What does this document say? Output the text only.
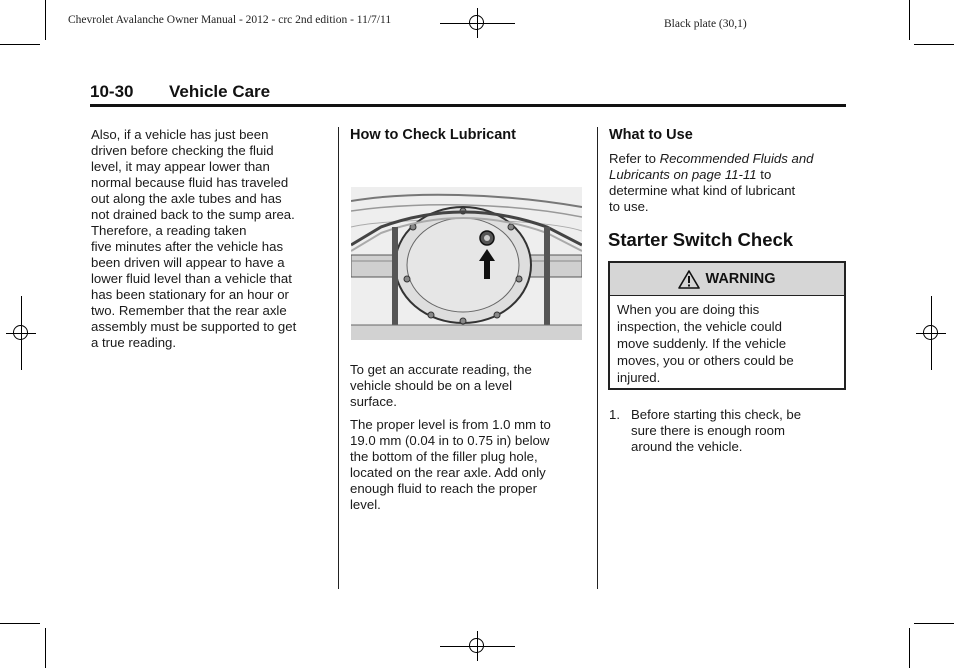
Chevrolet Avalanche Owner Manual - 2012 - crc 2nd edition - 11/7/11	Black plate (30,1)
10-30 Vehicle Care

Also, if a vehicle has just been

driven before checking the fluid

level, it may appear lower than

normal because fluid has traveled

out along the axle tubes and has

not drained back to the sump area.

Therefore, a reading taken

five minutes after the vehicle has

been driven will appear to have a

lower fluid level than a vehicle that

has been stationary for an hour or

two. Remember that the rear axle

assembly must be supported to get

a true reading.

How to Check Lubricant

To get an accurate reading, the

vehicle should be on a level

surface.

The proper level is from 1.0 mm to

19.0 mm (0.04 in to 0.75 in) below

the bottom of the filler plug hole,

located on the rear axle. Add only

enough fluid to reach the proper

level.

What to Use

Refer to Recommended Fluids and

Lubricants on page 11-11 to

determine what kind of lubricant

to use.

Starter Switch Check
WARNING
When you are doing this
inspection, the vehicle could
move suddenly. If the vehicle
moves, you or others could be
injured.
1. Before starting this check, be
sure there is enough room
around the vehicle.
